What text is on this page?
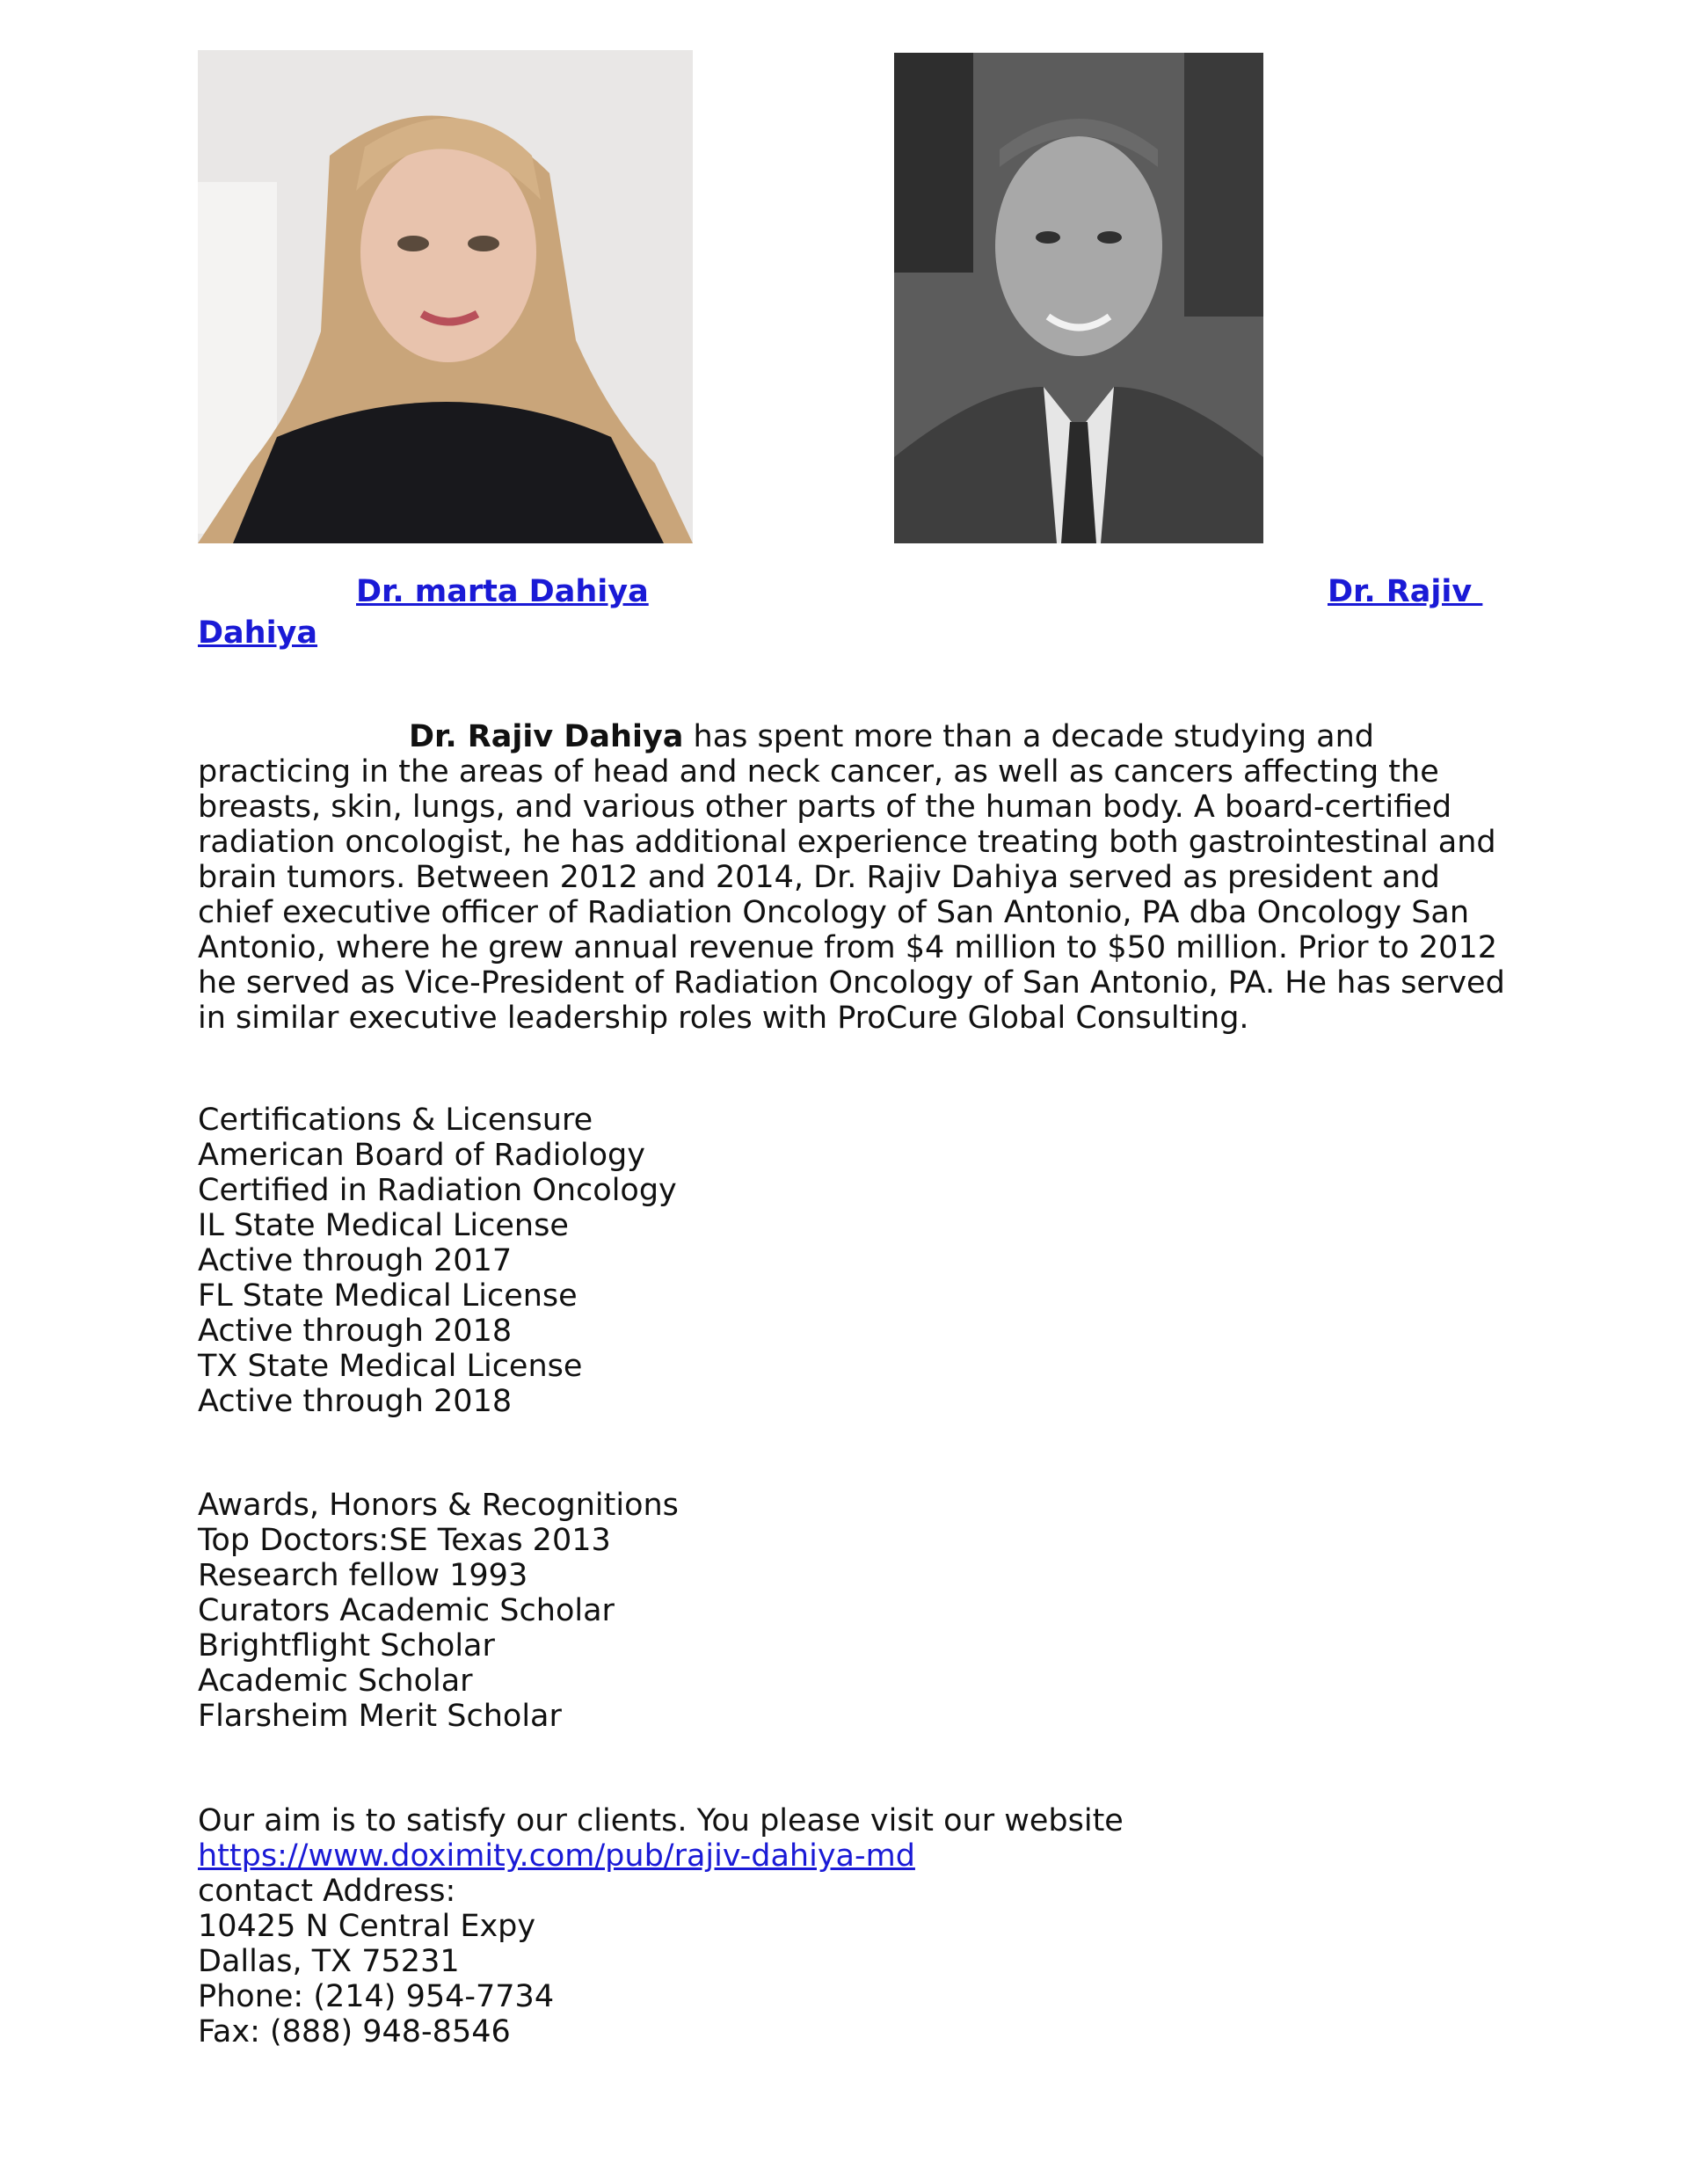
Dr. marta Dahiya	Dr. Rajiv
Dahiya
Dr. Rajiv Dahiya has spent more than a decade studying and
practicing in the areas of head and neck cancer, as well as cancers affecting the
breasts, skin, lungs, and various other parts of the human body. A board-certified
radiation oncologist, he has additional experience treating both gastrointestinal and
brain tumors. Between 2012 and 2014, Dr. Rajiv Dahiya served as president and
chief executive officer of Radiation Oncology of San Antonio, PA dba Oncology San
Antonio, where he grew annual revenue from $4 million to $50 million. Prior to 2012
he served as Vice-President of Radiation Oncology of San Antonio, PA. He has served
in similar executive leadership roles with ProCure Global Consulting.
Certifications & Licensure
American Board of Radiology
Certified in Radiation Oncology
IL State Medical License
Active through 2017
FL State Medical License
Active through 2018
TX State Medical License
Active through 2018
Awards, Honors & Recognitions
Top Doctors:SE Texas 2013
Research fellow 1993
Curators Academic Scholar
Brightflight Scholar
Academic Scholar
Flarsheim Merit Scholar
Our aim is to satisfy our clients. You please visit our website
https://www.doximity.com/pub/rajiv-dahiya-md
contact Address:
10425 N Central Expy
Dallas, TX 75231
Phone: (214) 954-7734
Fax: (888) 948-8546
